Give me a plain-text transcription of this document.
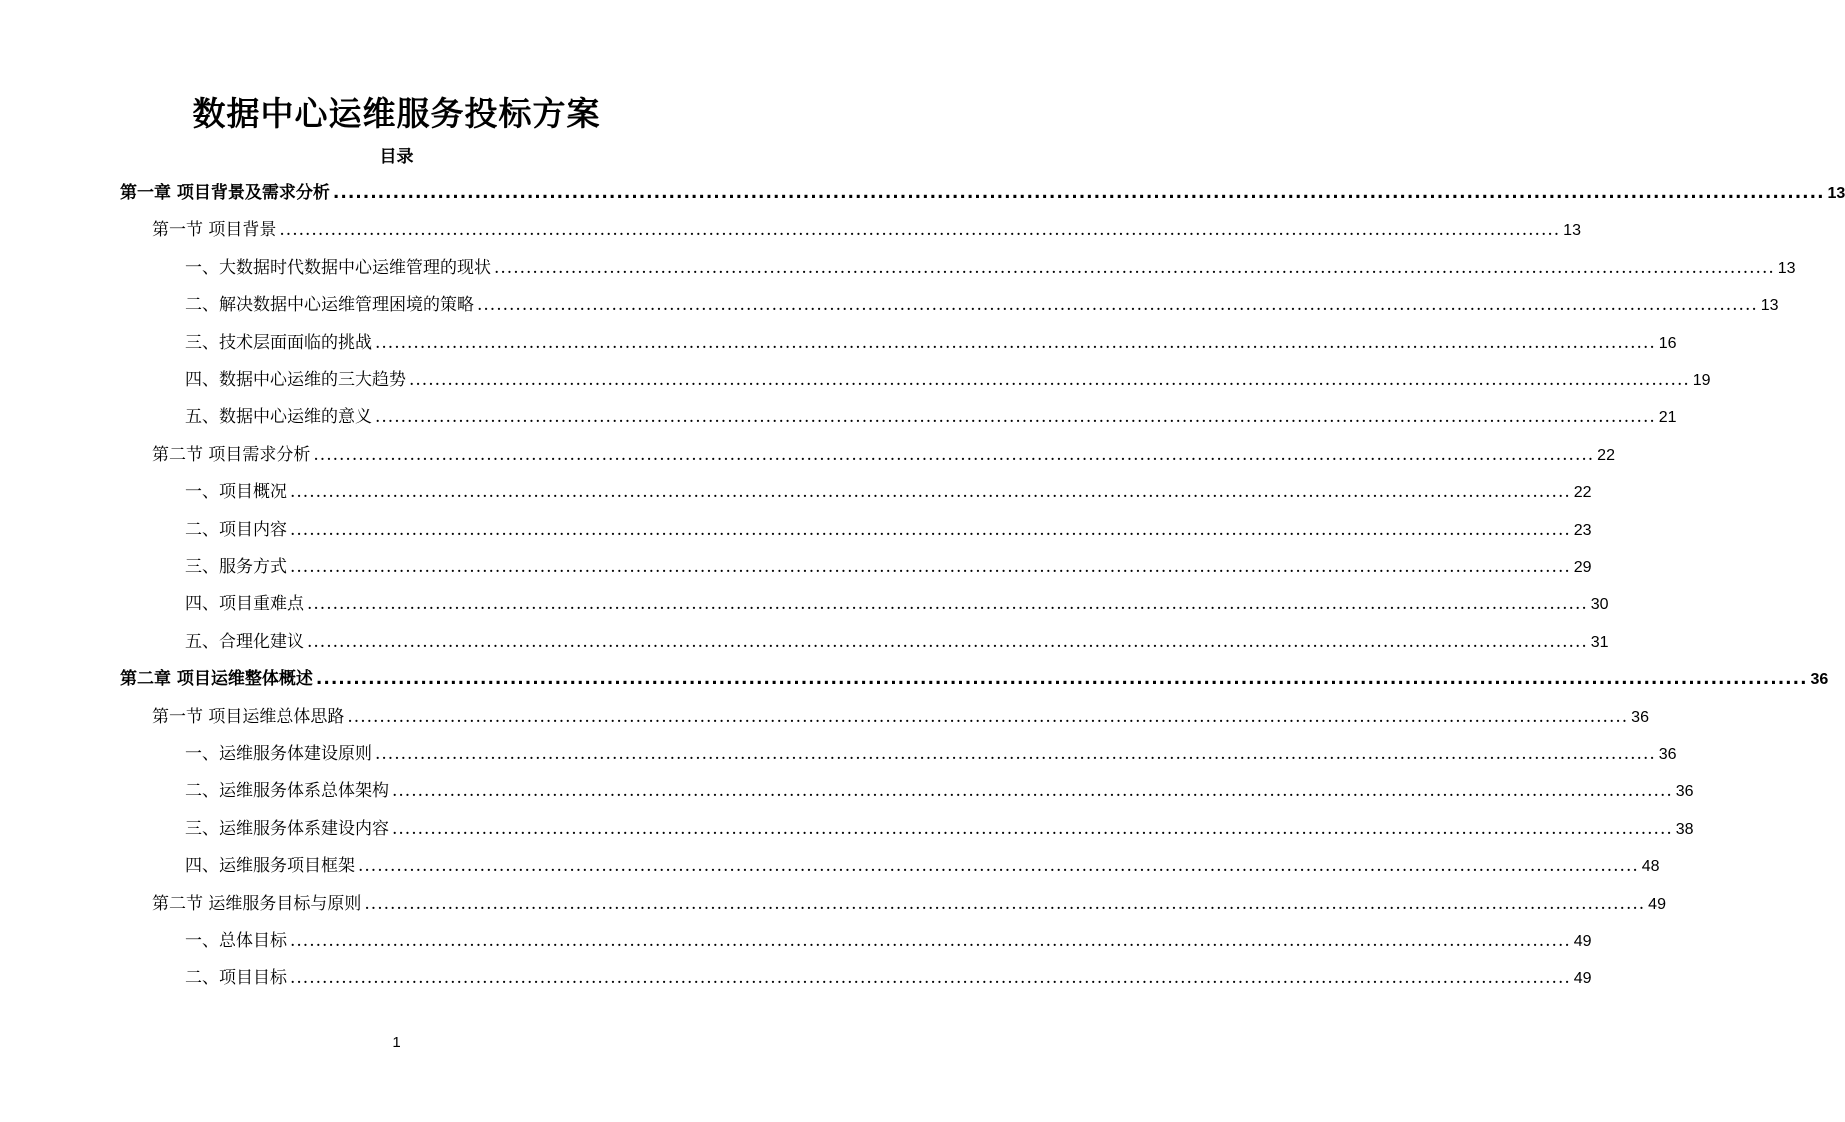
数据中心运维服务投标方案
目录
第一章 项目背景及需求分析 ........................................................................................................................................................................................................ 13
第一节 项目背景 ........................................................................................................................................................................................................ 13
一、大数据时代数据中心运维管理的现状 ........................................................................................................................................................................................................ 13
二、解决数据中心运维管理困境的策略 ........................................................................................................................................................................................................ 13
三、技术层面面临的挑战 ........................................................................................................................................................................................................ 16
四、数据中心运维的三大趋势 ........................................................................................................................................................................................................ 19
五、数据中心运维的意义 ........................................................................................................................................................................................................ 21
第二节 项目需求分析 ........................................................................................................................................................................................................ 22
一、项目概况 ........................................................................................................................................................................................................ 22
二、项目内容 ........................................................................................................................................................................................................ 23
三、服务方式 ........................................................................................................................................................................................................ 29
四、项目重难点 ........................................................................................................................................................................................................ 30
五、合理化建议 ........................................................................................................................................................................................................ 31
第二章 项目运维整体概述 ........................................................................................................................................................................................................ 36
第一节 项目运维总体思路 ........................................................................................................................................................................................................ 36
一、运维服务体建设原则 ........................................................................................................................................................................................................ 36
二、运维服务体系总体架构 ........................................................................................................................................................................................................ 36
三、运维服务体系建设内容 ........................................................................................................................................................................................................ 38
四、运维服务项目框架 ........................................................................................................................................................................................................ 48
第二节 运维服务目标与原则 ........................................................................................................................................................................................................ 49
一、总体目标 ........................................................................................................................................................................................................ 49
二、项目目标 ........................................................................................................................................................................................................ 49
1
